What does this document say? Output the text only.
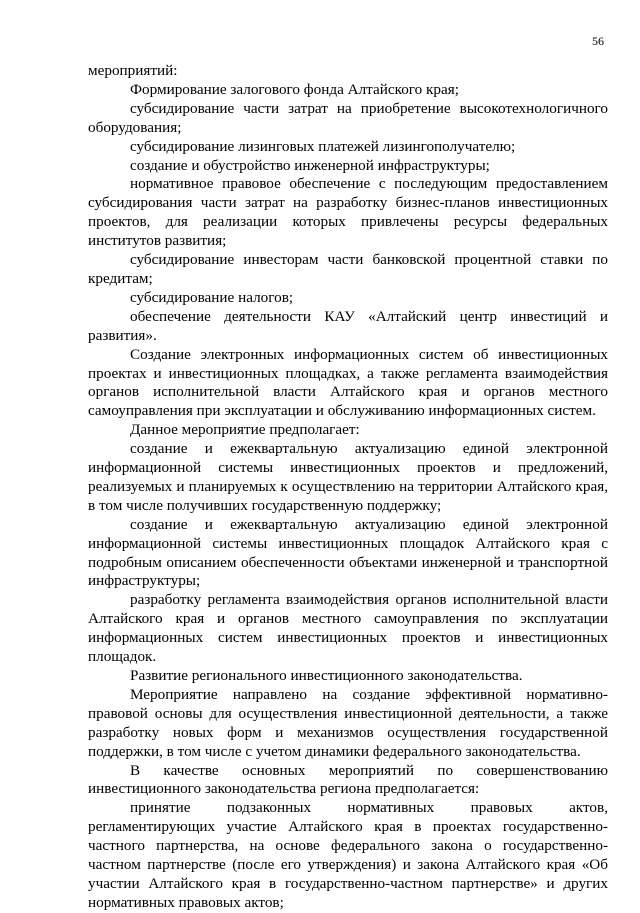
56

мероприятий:

Формирование залогового фонда Алтайского края;

субсидирование части затрат на приобретение высокотехнологичного оборудования;

субсидирование лизинговых платежей лизингополучателю;

создание и обустройство инженерной инфраструктуры;

нормативное правовое обеспечение с последующим предоставлением субсидирования части затрат на разработку бизнес-планов инвестиционных проектов, для реализации которых привлечены ресурсы федеральных институтов развития;

субсидирование инвесторам части банковской процентной ставки по кредитам;

субсидирование налогов;

обеспечение деятельности КАУ «Алтайский центр инвестиций и развития».

Создание электронных информационных систем об инвестиционных проектах и инвестиционных площадках, а также регламента взаимодействия органов исполнительной власти Алтайского края и органов местного самоуправления при эксплуатации и обслуживанию информационных систем.

Данное мероприятие предполагает:

создание и ежеквартальную актуализацию единой электронной информационной системы инвестиционных проектов и предложений, реализуемых и планируемых к осуществлению на территории Алтайского края, в том числе получивших государственную поддержку;

создание и ежеквартальную актуализацию единой электронной информационной системы инвестиционных площадок Алтайского края с подробным описанием обеспеченности объектами инженерной и транспортной инфраструктуры;

разработку регламента взаимодействия органов исполнительной власти Алтайского края и органов местного самоуправления по эксплуатации информационных систем инвестиционных проектов и инвестиционных площадок.

Развитие регионального инвестиционного законодательства.

Мероприятие направлено на создание эффективной нормативно-правовой основы для осуществления инвестиционной деятельности, а также разработку новых форм и механизмов осуществления государственной поддержки, в том числе с учетом динамики федерального законодательства.

В качестве основных мероприятий по совершенствованию инвестиционного законодательства региона предполагается:

принятие подзаконных нормативных правовых актов, регламентирующих участие Алтайского края в проектах государственно-частного партнерства, на основе федерального закона о государственно-частном партнерстве (после его утверждения) и закона Алтайского края «Об участии Алтайского края в государственно-частном партнерстве» и других нормативных правовых актов;
